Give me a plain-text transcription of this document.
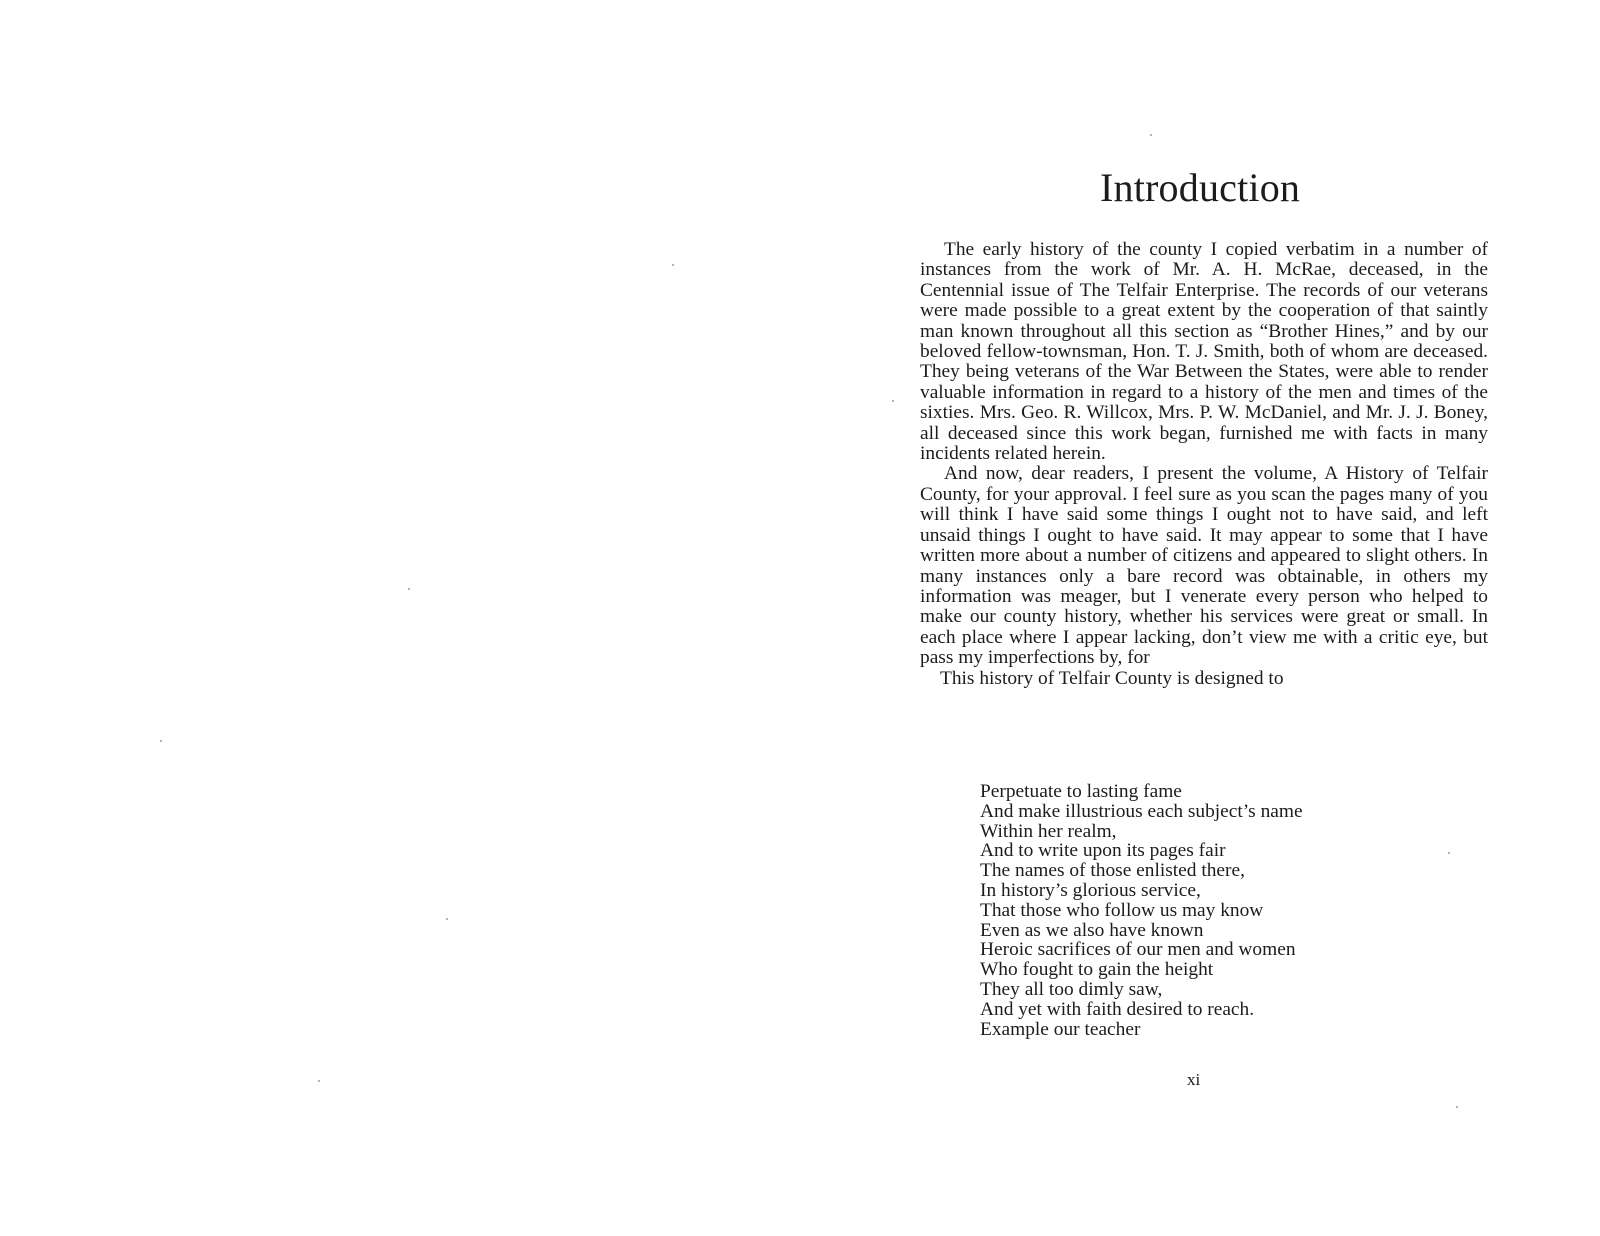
Introduction

The early history of the county I copied verbatim in a number of instances from the work of Mr. A. H. McRae, deceased, in the Centennial issue of The Telfair Enterprise. The records of our veterans were made possible to a great extent by the cooperation of that saintly man known throughout all this section as “Brother Hines,” and by our beloved fellow-townsman, Hon. T. J. Smith, both of whom are deceased. They being veterans of the War Between the States, were able to render valuable information in regard to a history of the men and times of the sixties. Mrs. Geo. R. Willcox, Mrs. P. W. McDaniel, and Mr. J. J. Boney, all deceased since this work began, furnished me with facts in many incidents related herein.

And now, dear readers, I present the volume, A History of Telfair County, for your approval. I feel sure as you scan the pages many of you will think I have said some things I ought not to have said, and left unsaid things I ought to have said. It may appear to some that I have written more about a number of citizens and appeared to slight others. In many instances only a bare record was obtainable, in others my information was meager, but I venerate every person who helped to make our county history, whether his services were great or small. In each place where I appear lacking, don’t view me with a critic eye, but pass my imperfections by, for

This history of Telfair County is designed to

Perpetuate to lasting fame
And make illustrious each subject’s name
Within her realm,
And to write upon its pages fair
The names of those enlisted there,
In history’s glorious service,
That those who follow us may know
Even as we also have known
Heroic sacrifices of our men and women
Who fought to gain the height
They all too dimly saw,
And yet with faith desired to reach.
Example our teacher
xi
